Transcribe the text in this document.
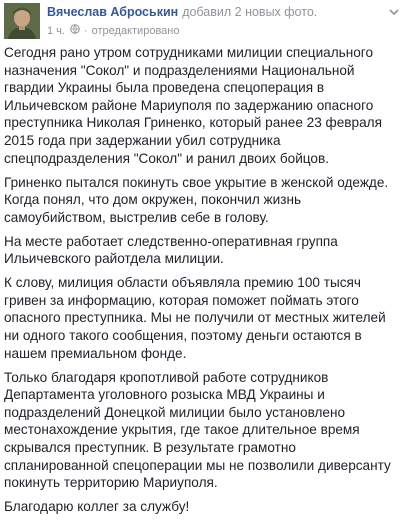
Вячеслав Аброськин добавил 2 новых фото.
1 ч. · отредактировано

Сегодня рано утром сотрудниками милиции специального назначения "Сокол" и подразделениями Национальной гвардии Украины была проведена спецоперация в Ильичевском районе Мариуполя по задержанию опасного преступника Николая Гриненко, который ранее 23 февраля 2015 года при задержании убил сотрудника спецподразделения "Сокол" и ранил двоих бойцов.

Гриненко пытался покинуть свое укрытие в женской одежде. Когда понял, что дом окружен, покончил жизнь самоубийством, выстрелив себе в голову.

На месте работает следственно-оперативная группа Ильичевского райотдела милиции.

К слову, милиция области объявляла премию 100 тысяч гривен за информацию, которая поможет поймать этого опасного преступника. Мы не получили от местных жителей ни одного такого сообщения, поэтому деньги остаются в нашем премиальном фонде.

Только благодаря кропотливой работе сотрудников Департамента уголовного розыска МВД Украины и подразделений Донецкой милиции было установлено местонахождение укрытия, где такое длительное время скрывался преступник. В результате грамотно спланированной спецоперации мы не позволили диверсанту покинуть территорию Мариуполя.

Благодарю коллег за службу!
